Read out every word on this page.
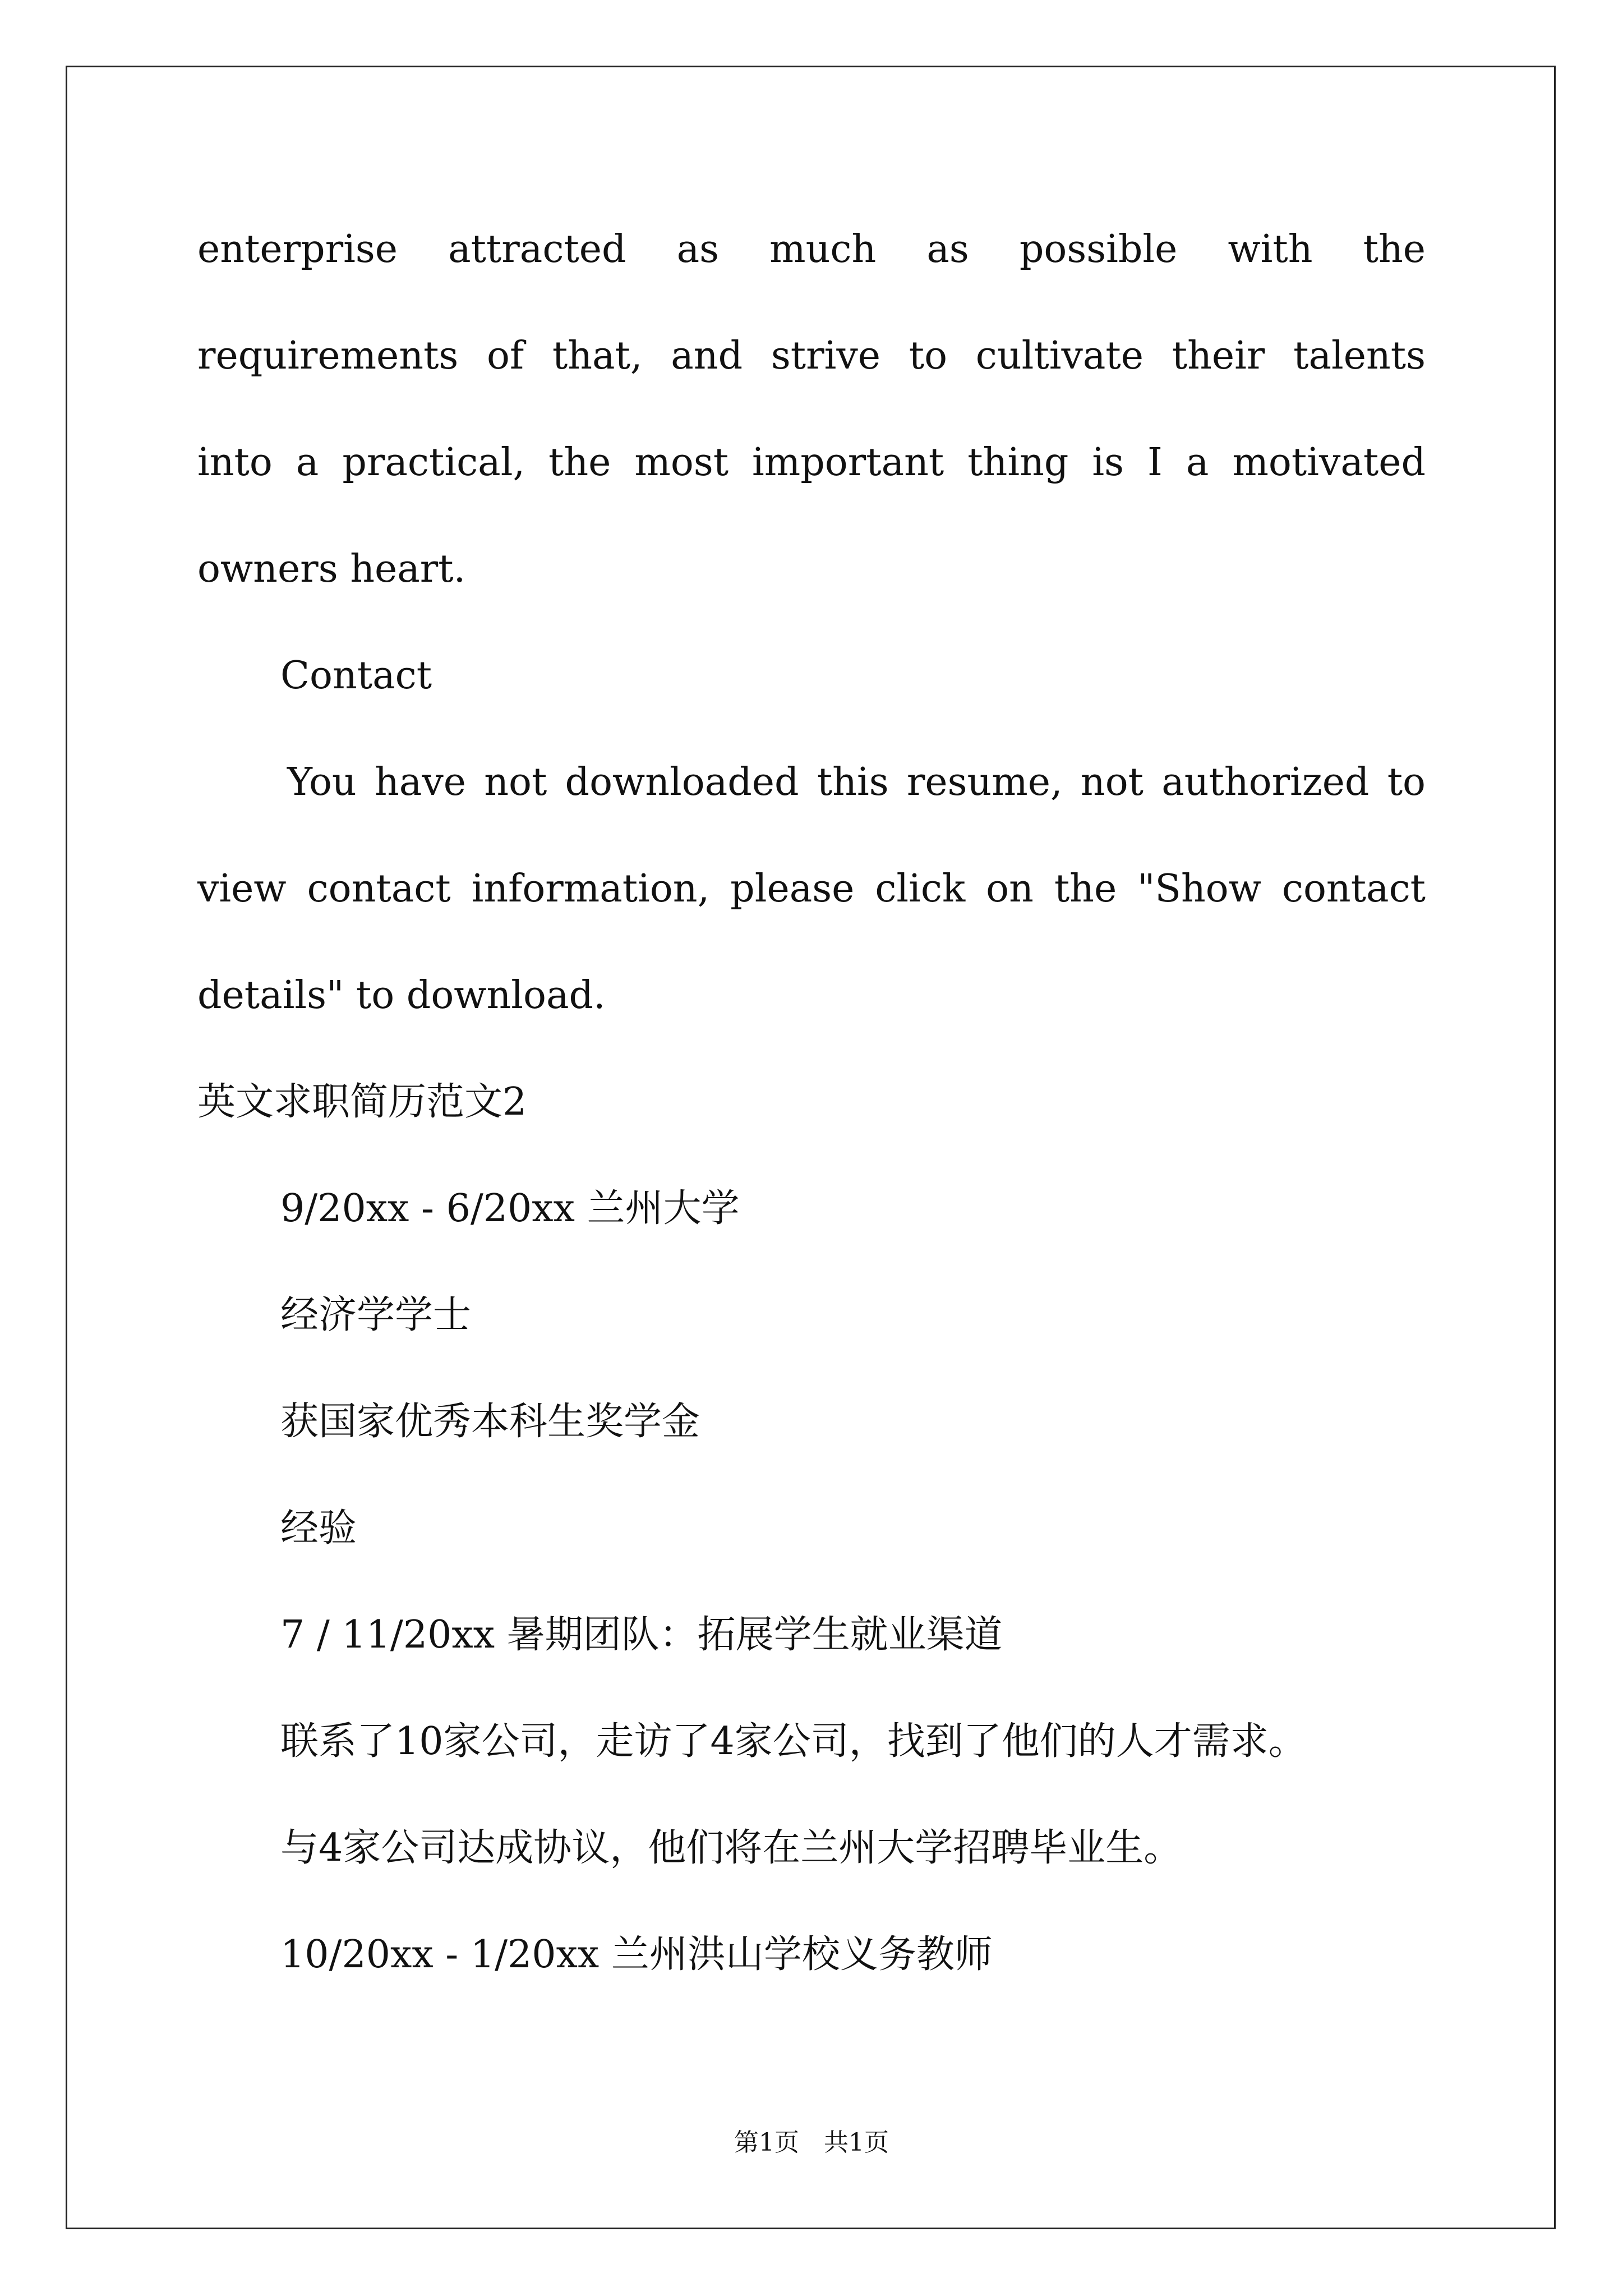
enterprise attracted as much as possible with the
requirements of that, and strive to cultivate their talents
into a practical, the most important thing is I a motivated
owners heart.
Contact
You have not downloaded this resume, not authorized to
view contact information, please click on the "Show contact
details" to download.
英文求职简历范文2
9/20xx - 6/20xx 兰州大学
经济学学士
获国家优秀本科生奖学金
经验
7 / 11/20xx 暑期团队：拓展学生就业渠道
联系了10家公司，走访了4家公司，找到了他们的人才需求。
与4家公司达成协议，他们将在兰州大学招聘毕业生。
10/20xx - 1/20xx 兰州洪山学校义务教师
第1页　共1页
